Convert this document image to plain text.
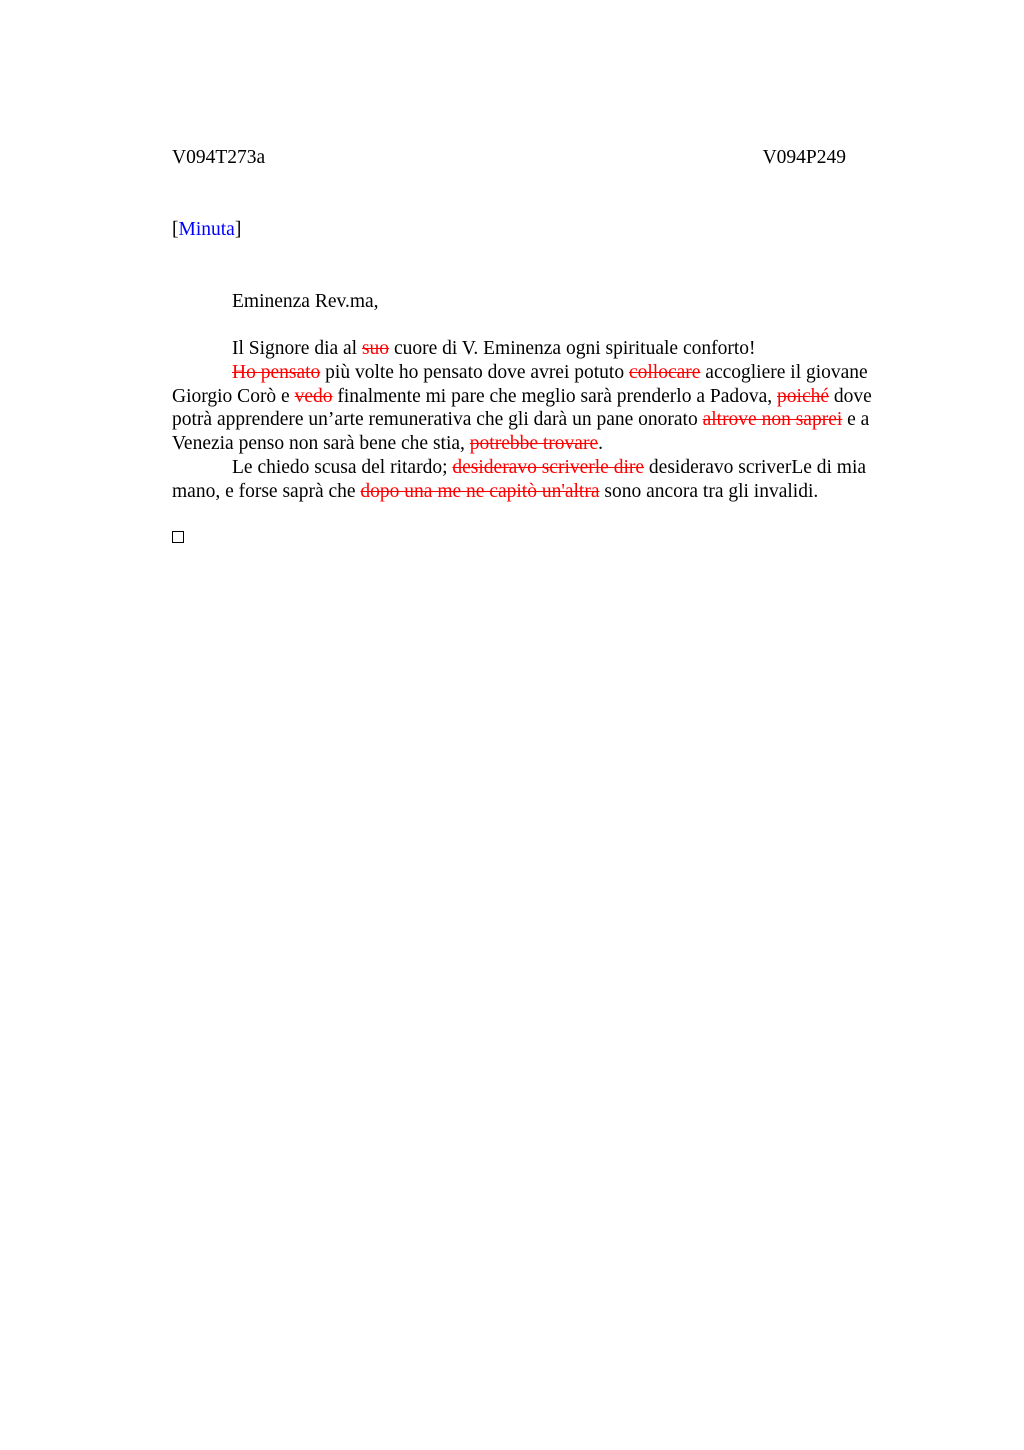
V094T273a	V094P249
[Minuta]
Eminenza Rev.ma,

Il Signore dia al suo cuore di V. Eminenza ogni spirituale conforto!

Ho pensato più volte ho pensato dove avrei potuto collocare accogliere il giovane Giorgio Corò e vedo finalmente mi pare che meglio sarà prenderlo a Padova, poiché dove potrà apprendere un’arte remunerativa che gli darà un pane onorato altrove non saprei e a Venezia penso non sarà bene che stia, potrebbe trovare.

Le chiedo scusa del ritardo; desideravo scriverle dire desideravo scriverLe di mia mano, e forse saprà che dopo una me ne capitò un'altra sono ancora tra gli invalidi.
